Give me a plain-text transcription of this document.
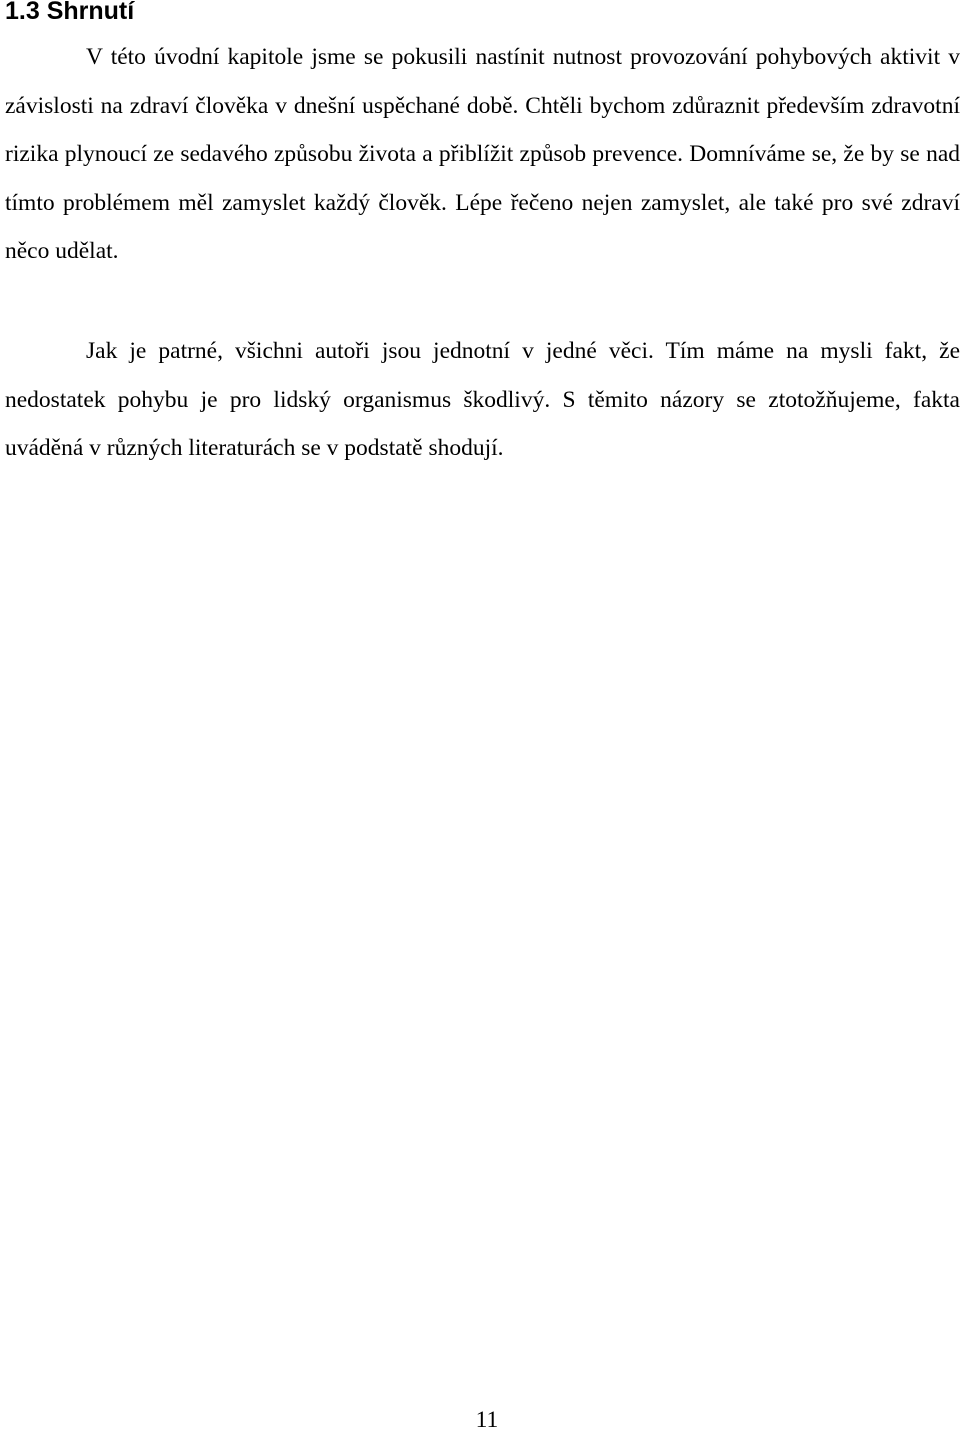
1.3 Shrnutí

V této úvodní kapitole jsme se pokusili nastínit nutnost provozování pohybových aktivit v závislosti na zdraví člověka v dnešní uspěchané době. Chtěli bychom zdůraznit především zdravotní rizika plynoucí ze sedavého způsobu života a přiblížit způsob prevence. Domníváme se, že by se nad tímto problémem měl zamyslet každý člověk. Lépe řečeno nejen zamyslet, ale také pro své zdraví něco udělat.

Jak je patrné, všichni autoři jsou jednotní v jedné věci. Tím máme na mysli fakt, že nedostatek pohybu je pro lidský organismus škodlivý. S těmito názory se ztotožňujeme, fakta uváděná v různých literaturách se v podstatě shodují.

11
